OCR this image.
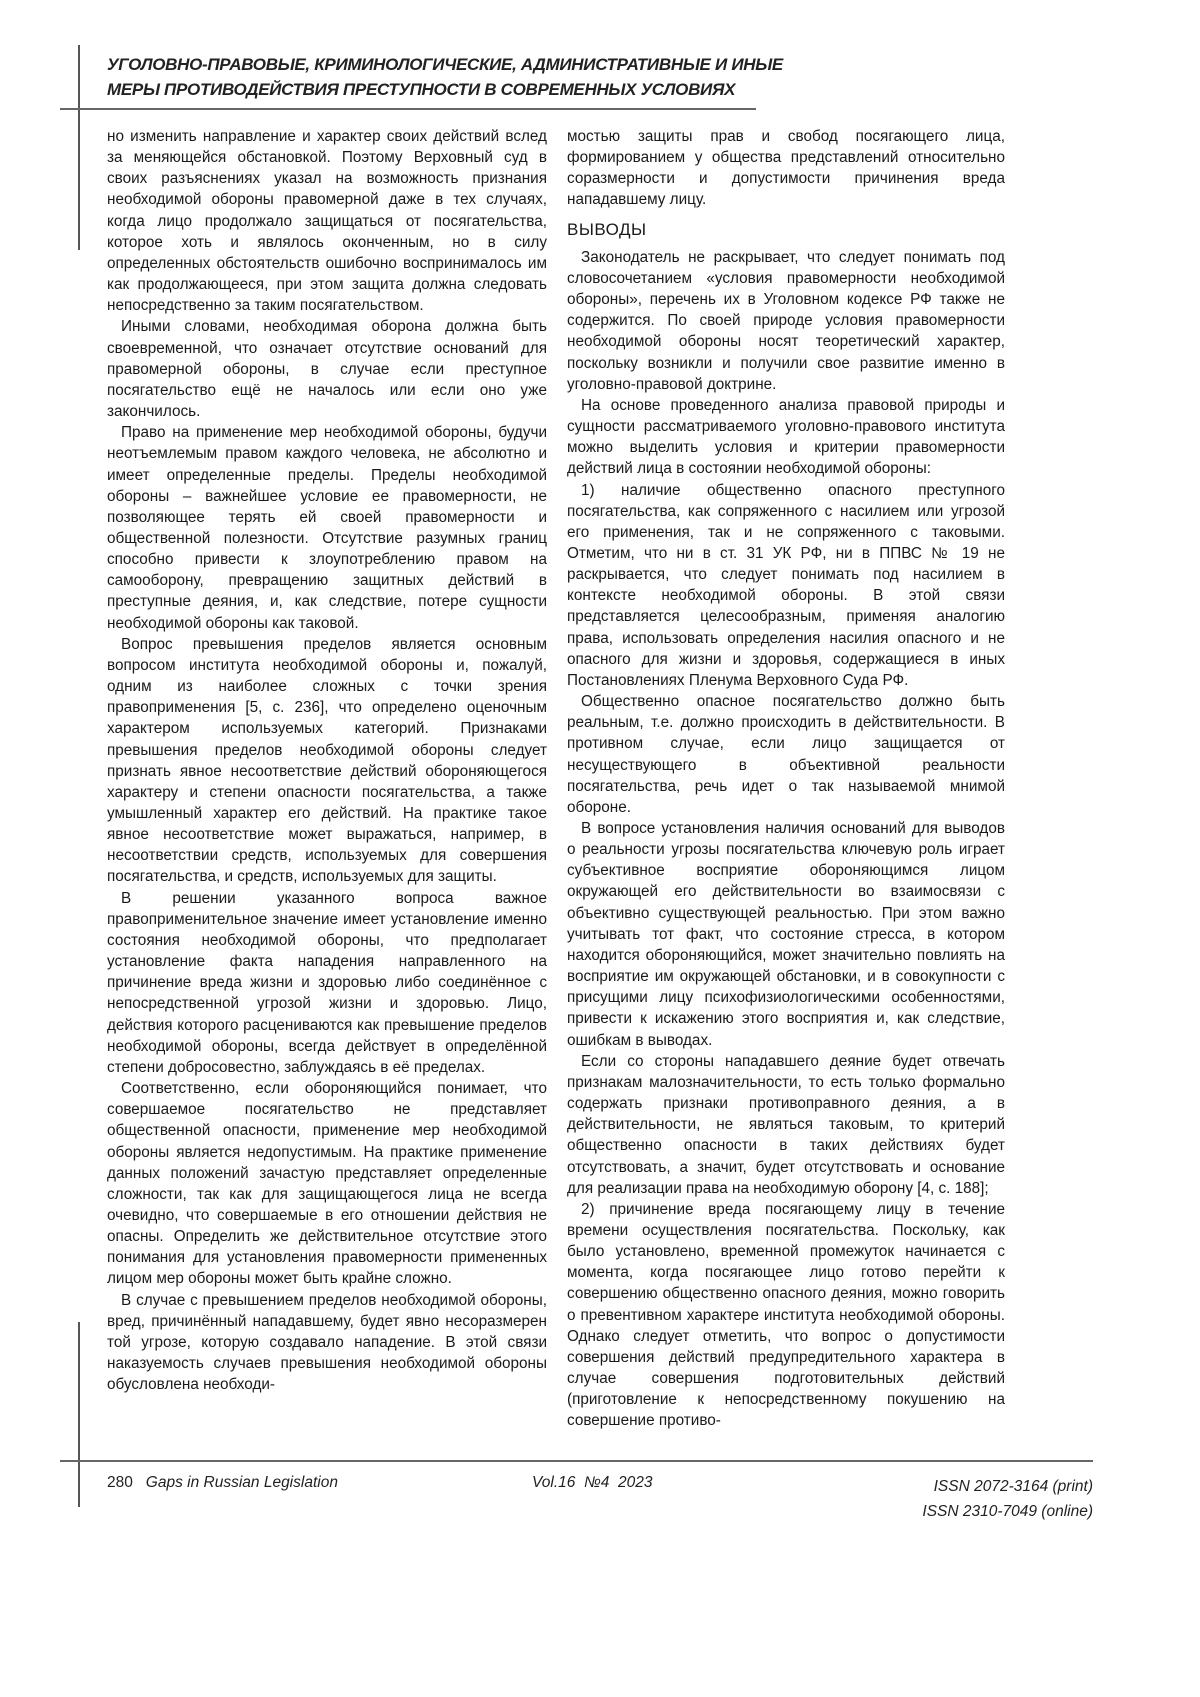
УГОЛОВНО-ПРАВОВЫЕ, КРИМИНОЛОГИЧЕСКИЕ, АДМИНИСТРАТИВНЫЕ И ИНЫЕ
МЕРЫ ПРОТИВОДЕЙСТВИЯ ПРЕСТУПНОСТИ В СОВРЕМЕННЫХ УСЛОВИЯХ

но изменить направление и характер своих действий вслед за меняющейся обстановкой. Поэтому Верховный суд в своих разъяснениях указал на возможность признания необходимой обороны правомерной даже в тех случаях, когда лицо продолжало защищаться от посягательства, которое хоть и являлось оконченным, но в силу определенных обстоятельств ошибочно воспринималось им как продолжающееся, при этом защита должна следовать непосредственно за таким посягательством.

Иными словами, необходимая оборона должна быть своевременной, что означает отсутствие оснований для правомерной обороны, в случае если преступное посягательство ещё не началось или если оно уже закончилось.

Право на применение мер необходимой обороны, будучи неотъемлемым правом каждого человека, не абсолютно и имеет определенные пределы. Пределы необходимой обороны – важнейшее условие ее правомерности, не позволяющее терять ей своей правомерности и общественной полезности. Отсутствие разумных границ способно привести к злоупотреблению правом на самооборону, превращению защитных действий в преступные деяния, и, как следствие, потере сущности необходимой обороны как таковой.

Вопрос превышения пределов является основным вопросом института необходимой обороны и, пожалуй, одним из наиболее сложных с точки зрения правоприменения [5, с. 236], что определено оценочным характером используемых категорий. Признаками превышения пределов необходимой обороны следует признать явное несоответствие действий обороняющегося характеру и степени опасности посягательства, а также умышленный характер его действий. На практике такое явное несоответствие может выражаться, например, в несоответствии средств, используемых для совершения посягательства, и средств, используемых для защиты.

В решении указанного вопроса важное правоприменительное значение имеет установление именно состояния необходимой обороны, что предполагает установление факта нападения направленного на причинение вреда жизни и здоровью либо соединённое с непосредственной угрозой жизни и здоровью. Лицо, действия которого расцениваются как превышение пределов необходимой обороны, всегда действует в определённой степени добросовестно, заблуждаясь в её пределах.

Соответственно, если обороняющийся понимает, что совершаемое посягательство не представляет общественной опасности, применение мер необходимой обороны является недопустимым. На практике применение данных положений зачастую представляет определенные сложности, так как для защищающегося лица не всегда очевидно, что совершаемые в его отношении действия не опасны. Определить же действительное отсутствие этого понимания для установления правомерности примененных лицом мер обороны может быть крайне сложно.

В случае с превышением пределов необходимой обороны, вред, причинённый нападавшему, будет явно несоразмерен той угрозе, которую создавало нападение. В этой связи наказуемость случаев превышения необходимой обороны обусловлена необходи-

мостью защиты прав и свобод посягающего лица, формированием у общества представлений относительно соразмерности и допустимости причинения вреда нападавшему лицу.

ВЫВОДЫ

Законодатель не раскрывает, что следует понимать под словосочетанием «условия правомерности необходимой обороны», перечень их в Уголовном кодексе РФ также не содержится. По своей природе условия правомерности необходимой обороны носят теоретический характер, поскольку возникли и получили свое развитие именно в уголовно-правовой доктрине.

На основе проведенного анализа правовой природы и сущности рассматриваемого уголовно-правового института можно выделить условия и критерии правомерности действий лица в состоянии необходимой обороны:

1) наличие общественно опасного преступного посягательства, как сопряженного с насилием или угрозой его применения, так и не сопряженного с таковыми. Отметим, что ни в ст. 31 УК РФ, ни в ППВС № 19 не раскрывается, что следует понимать под насилием в контексте необходимой обороны. В этой связи представляется целесообразным, применяя аналогию права, использовать определения насилия опасного и не опасного для жизни и здоровья, содержащиеся в иных Постановлениях Пленума Верховного Суда РФ.

Общественно опасное посягательство должно быть реальным, т.е. должно происходить в действительности. В противном случае, если лицо защищается от несуществующего в объективной реальности посягательства, речь идет о так называемой мнимой обороне.

В вопросе установления наличия оснований для выводов о реальности угрозы посягательства ключевую роль играет субъективное восприятие обороняющимся лицом окружающей его действительности во взаимосвязи с объективно существующей реальностью. При этом важно учитывать тот факт, что состояние стресса, в котором находится обороняющийся, может значительно повлиять на восприятие им окружающей обстановки, и в совокупности с присущими лицу психофизиологическими особенностями, привести к искажению этого восприятия и, как следствие, ошибкам в выводах.

Если со стороны нападавшего деяние будет отвечать признакам малозначительности, то есть только формально содержать признаки противоправного деяния, а в действительности, не являться таковым, то критерий общественно опасности в таких действиях будет отсутствовать, а значит, будет отсутствовать и основание для реализации права на необходимую оборону [4, с. 188];

2) причинение вреда посягающему лицу в течение времени осуществления посягательства. Поскольку, как было установлено, временной промежуток начинается с момента, когда посягающее лицо готово перейти к совершению общественно опасного деяния, можно говорить о превентивном характере института необходимой обороны. Однако следует отметить, что вопрос о допустимости совершения действий предупредительного характера в случае совершения подготовительных действий (приготовление к непосредственному покушению на совершение противо-

280 Gaps in Russian Legislation	Vol.16  №4  2023	ISSN 2072-3164 (print)
ISSN 2310-7049 (online)
